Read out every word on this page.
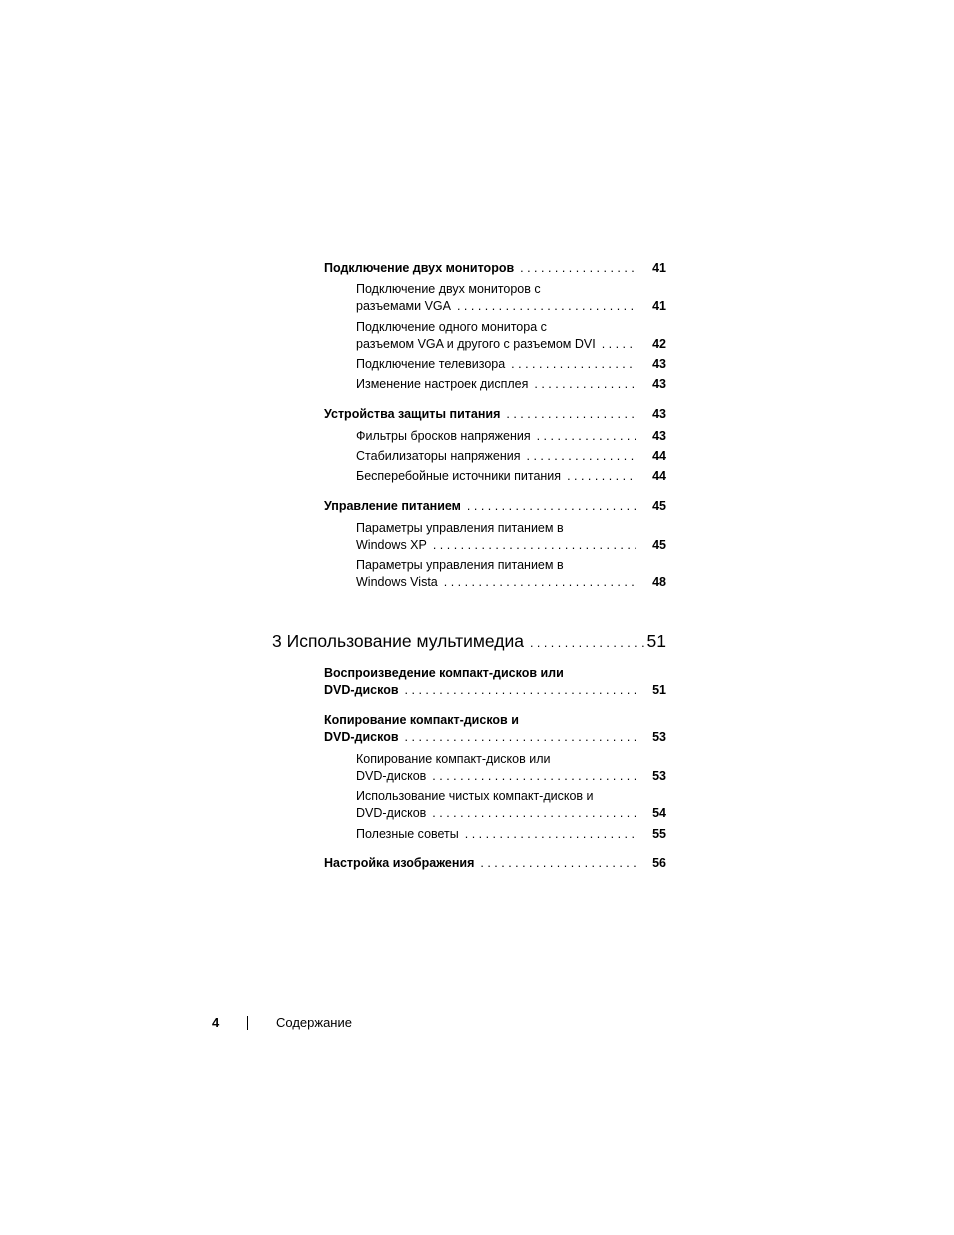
Подключение двух мониторов . . .	41
Подключение двух мониторов с
разъемами VGA . . .	41
Подключение одного монитора с
разъемом VGA и другого с разъемом DVI . . .	42
Подключение телевизора . . .	43
Изменение настроек дисплея . . .	43
Устройства защиты питания . . .	43
Фильтры бросков напряжения . . .	43
Стабилизаторы напряжения . . .	44
Бесперебойные источники питания . . .	44
Управление питанием . . .	45
Параметры управления питанием в
Windows XP . . .	45
Параметры управления питанием в
Windows Vista . . .	48
3 Использование мультимедиа . . .	51
Воспроизведение компакт-дисков или
DVD-дисков . . .	51
Копирование компакт-дисков и
DVD-дисков . . .	53
Копирование компакт-дисков или
DVD-дисков . . .	53
Использование чистых компакт-дисков и
DVD-дисков . . .	54
Полезные советы . . .	55
Настройка изображения . . .	56
4	Содержание
